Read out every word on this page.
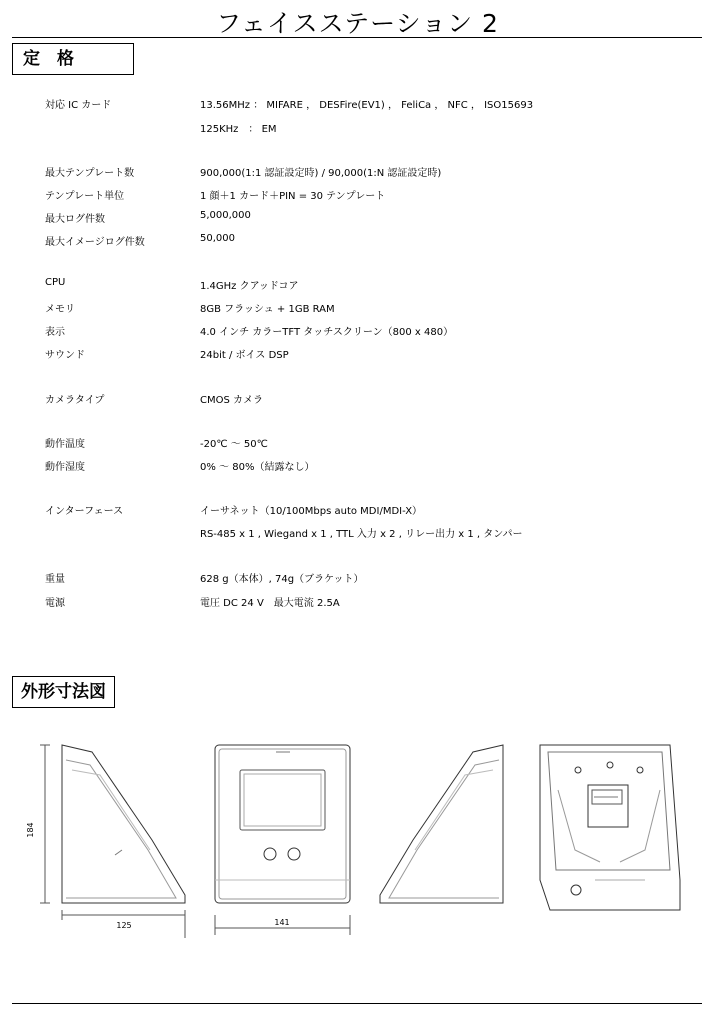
フェイスステーション 2
定　格
対応 IC カード	13.56MHz ： MIFARE ， DESFire(EV1) ， FeliCa ， NFC ， ISO15693
125KHz　： EM
最大テンプレート数	900,000(1:1 認証設定時) / 90,000(1:N 認証設定時)
テンプレート単位	1 顔＋1 カード＋PIN = 30 テンプレート
最大ログ件数	5,000,000
最大イメージログ件数	50,000
CPU	1.4GHz クアッドコア
メモリ	8GB フラッシュ + 1GB RAM
表示	4.0 インチ カラーTFT タッチスクリーン（800 x 480）
サウンド	24bit / ボイス DSP
カメラタイプ	CMOS カメラ
動作温度	-20℃ ～ 50℃
動作湿度	0% ～ 80%（結露なし）
インターフェース	イーサネット（10/100Mbps auto MDI/MDI-X）
RS-485 x 1 , Wiegand x 1 , TTL 入力 x 2 , リレー出力 x 1 , タンパー
重量	628 g（本体）, 74g（ブラケット）
電源	電圧 DC 24 V　最大電流 2.5A
外形寸法図
184
125	141
